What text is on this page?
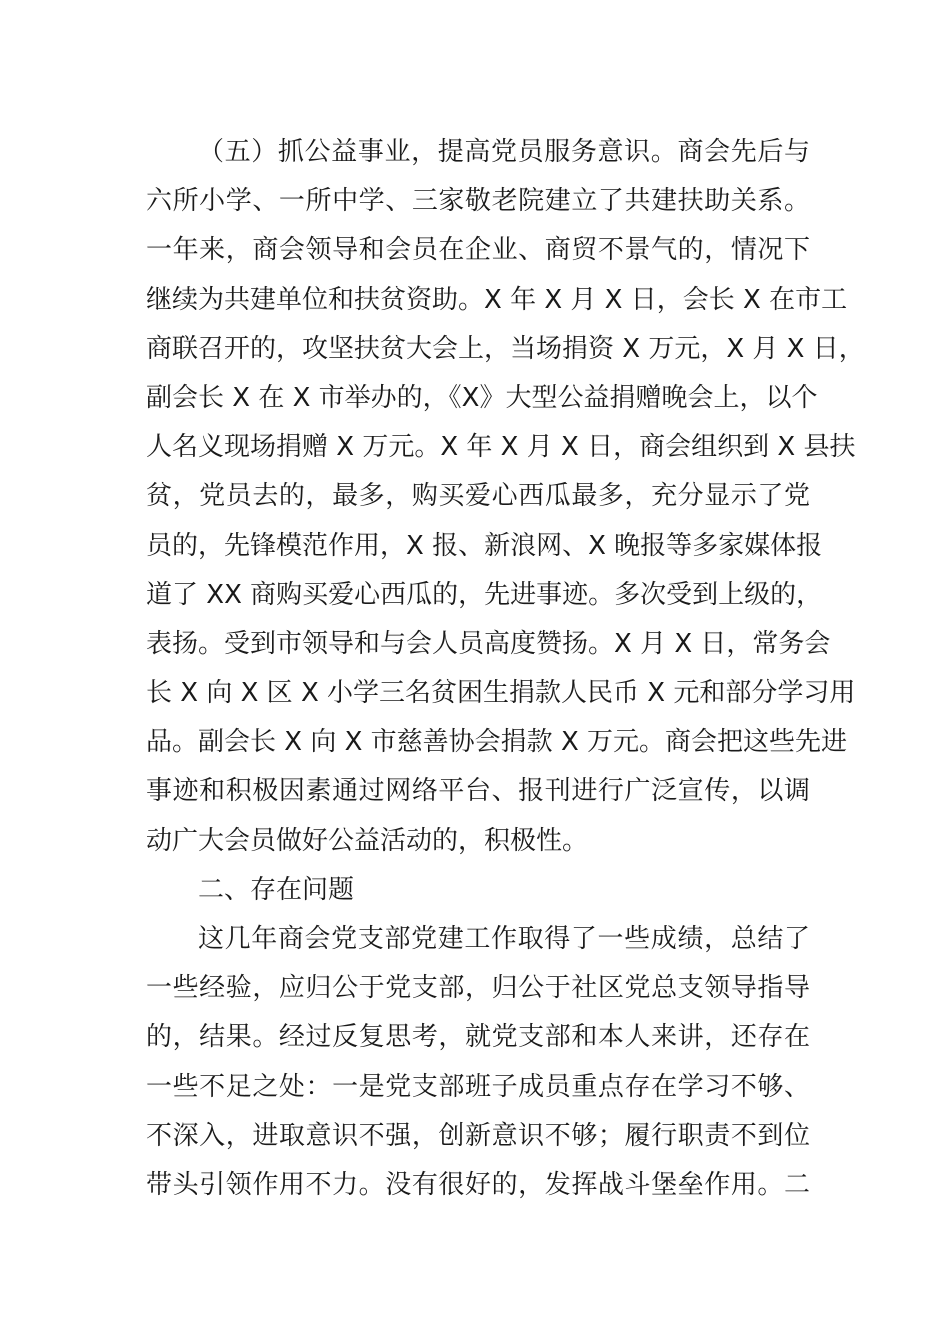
（五）抓公益事业，提高党员服务意识。商会先后与
六所小学、一所中学、三家敬老院建立了共建扶助关系。
一年来，商会领导和会员在企业、商贸不景气的，情况下
继续为共建单位和扶贫资助。X 年 X 月 X 日，会长 X 在市工
商联召开的，攻坚扶贫大会上，当场捐资 X 万元，X 月 X 日，
副会长 X 在 X 市举办的，《X》大型公益捐赠晚会上，以个
人名义现场捐赠 X 万元。X 年 X 月 X 日，商会组织到 X 县扶
贫，党员去的，最多，购买爱心西瓜最多，充分显示了党
员的，先锋模范作用，X 报、新浪网、X 晚报等多家媒体报
道了 XX 商购买爱心西瓜的，先进事迹。多次受到上级的，
表扬。受到市领导和与会人员高度赞扬。X 月 X 日，常务会
长 X 向 X 区 X 小学三名贫困生捐款人民币 X 元和部分学习用
品。副会长 X 向 X 市慈善协会捐款 X 万元。商会把这些先进
事迹和积极因素通过网络平台、报刊进行广泛宣传，以调
动广大会员做好公益活动的，积极性。
二、存在问题
这几年商会党支部党建工作取得了一些成绩，总结了
一些经验，应归公于党支部，归公于社区党总支领导指导
的，结果。经过反复思考，就党支部和本人来讲，还存在
一些不足之处：一是党支部班子成员重点存在学习不够、
不深入，进取意识不强，创新意识不够；履行职责不到位
带头引领作用不力。没有很好的，发挥战斗堡垒作用。二
